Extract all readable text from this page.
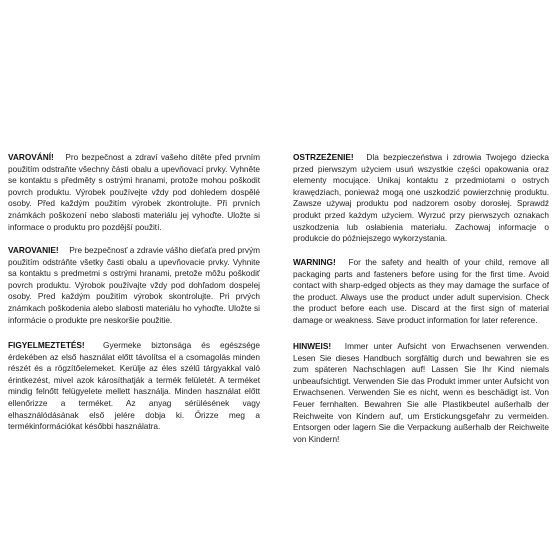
VAROVÁNÍ!  Pro bezpečnost a zdraví vašeho dítěte před prvním použitím odstraňte všechny části obalu a upevňovací prvky. Vyhněte se kontaktu s předměty s ostrými hranami, protože mohou poškodit povrch produktu. Výrobek používejte vždy pod dohledem dospělé osoby. Před každým použitím výrobek zkontrolujte. Při prvních známkách poškození nebo slabosti materiálu jej vyhoďte. Uložte si informace o produktu pro pozdější použití.
VAROVANIE!  Pre bezpečnosť a zdravie vášho dieťaťa pred prvým použitím odstráňte všetky časti obalu a upevňovacie prvky. Vyhnite sa kontaktu s predmetmi s ostrými hranami, pretože môžu poškodiť povrch produktu. Výrobok používajte vždy pod dohľadom dospelej osoby. Pred každým použitím výrobok skontrolujte. Pri prvých známkach poškodenia alebo slabosti materiálu ho vyhoďte. Uložte si informácie o produkte pre neskoršie použitie.
FIGYELMEZTETÉS!  Gyermeke biztonsága és egészsége érdekében az első használat előtt távolítsa el a csomagolás minden részét és a rögzítőelemeket. Kerülje az éles szélű tárgyakkal való érintkezést, mivel azok károsíthatják a termék felületét. A terméket mindig felnőtt felügyelete mellett használja. Minden használat előtt ellenőrizze a terméket. Az anyag sérülésének vagy elhasználódásának első jelére dobja ki. Őrizze meg a termékinformációkat későbbi használatra.
OSTRZEŻENIE!  Dla bezpieczeństwa i zdrowia Twojego dziecka przed pierwszym użyciem usuń wszystkie części opakowania oraz elementy mocujące. Unikaj kontaktu z przedmiotami o ostrych krawędziach, ponieważ mogą one uszkodzić powierzchnię produktu. Zawsze używaj produktu pod nadzorem osoby dorosłej. Sprawdź produkt przed każdym użyciem. Wyrzuć przy pierwszych oznakach uszkodzenia lub osłabienia materiału. Zachowaj informacje o produkcie do późniejszego wykorzystania.
WARNING!  For the safety and health of your child, remove all packaging parts and fasteners before using for the first time. Avoid contact with sharp-edged objects as they may damage the surface of the product. Always use the product under adult supervision. Check the product before each use. Discard at the first sign of material damage or weakness. Save product information for later reference.
HINWEIS!  Immer unter Aufsicht von Erwachsenen verwenden. Lesen Sie dieses Handbuch sorgfältig durch und bewahren sie es zum späteren Nachschlagen auf! Lassen Sie Ihr Kind niemals unbeaufsichtigt. Verwenden Sie das Produkt immer unter Aufsicht von Erwachsenen. Verwenden Sie es nicht, wenn es beschädigt ist. Von Feuer fernhalten. Bewahren Sie alle Plastikbeutel außerhalb der Reichweite von Kindern auf, um Erstickungsgefahr zu vermeiden. Entsorgen oder lagern Sie die Verpackung außerhalb der Reichweite von Kindern!
